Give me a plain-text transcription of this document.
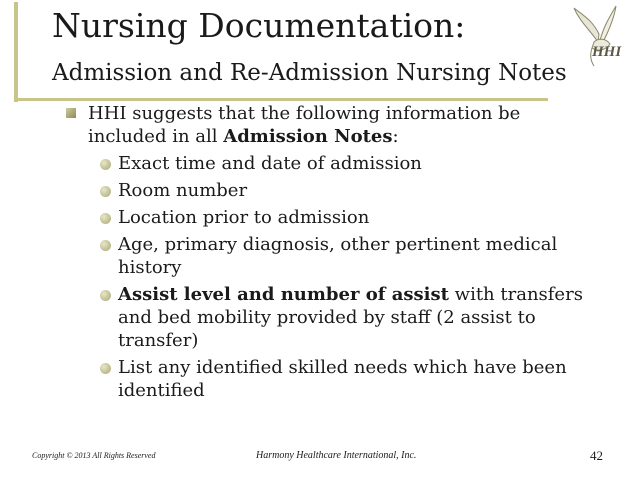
Nursing Documentation:
Admission and Re-Admission Nursing Notes
HHI
HHI suggests that the following information be included in all Admission Notes:
Exact time and date of admission
Room number
Location prior to admission
Age, primary diagnosis, other pertinent medical history
Assist level and number of assist with transfers and bed mobility provided by staff (2 assist to transfer)
List any identified skilled needs which have been identified
Copyright © 2013 All Rights Reserved	Harmony Healthcare International, Inc.	42
